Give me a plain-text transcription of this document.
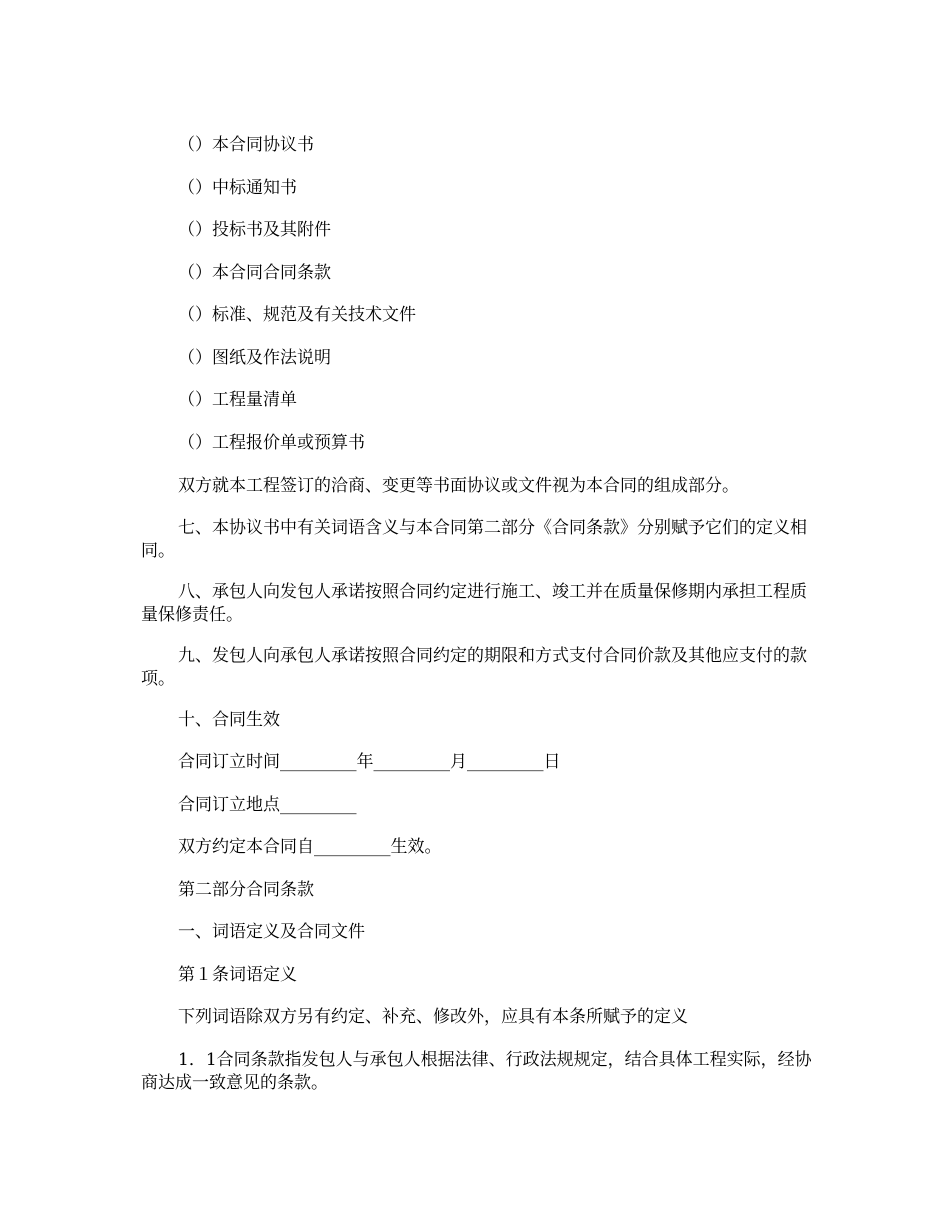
（）本合同协议书

（）中标通知书

（）投标书及其附件

（）本合同合同条款

（）标准、规范及有关技术文件

（）图纸及作法说明

（）工程量清单

（）工程报价单或预算书

双方就本工程签订的洽商、变更等书面协议或文件视为本合同的组成部分。

七、本协议书中有关词语含义与本合同第二部分《合同条款》分别赋予它们的定义相同。

八、承包人向发包人承诺按照合同约定进行施工、竣工并在质量保修期内承担工程质量保修责任。

九、发包人向承包人承诺按照合同约定的期限和方式支付合同价款及其他应支付的款项。

十、合同生效

合同订立时间_________年_________月_________日

合同订立地点_________

双方约定本合同自_________生效。

第二部分合同条款

一、词语定义及合同文件

第１条词语定义

下列词语除双方另有约定、补充、修改外，应具有本条所赋予的定义

1．1合同条款指发包人与承包人根据法律、行政法规规定，结合具体工程实际，经协商达成一致意见的条款。
